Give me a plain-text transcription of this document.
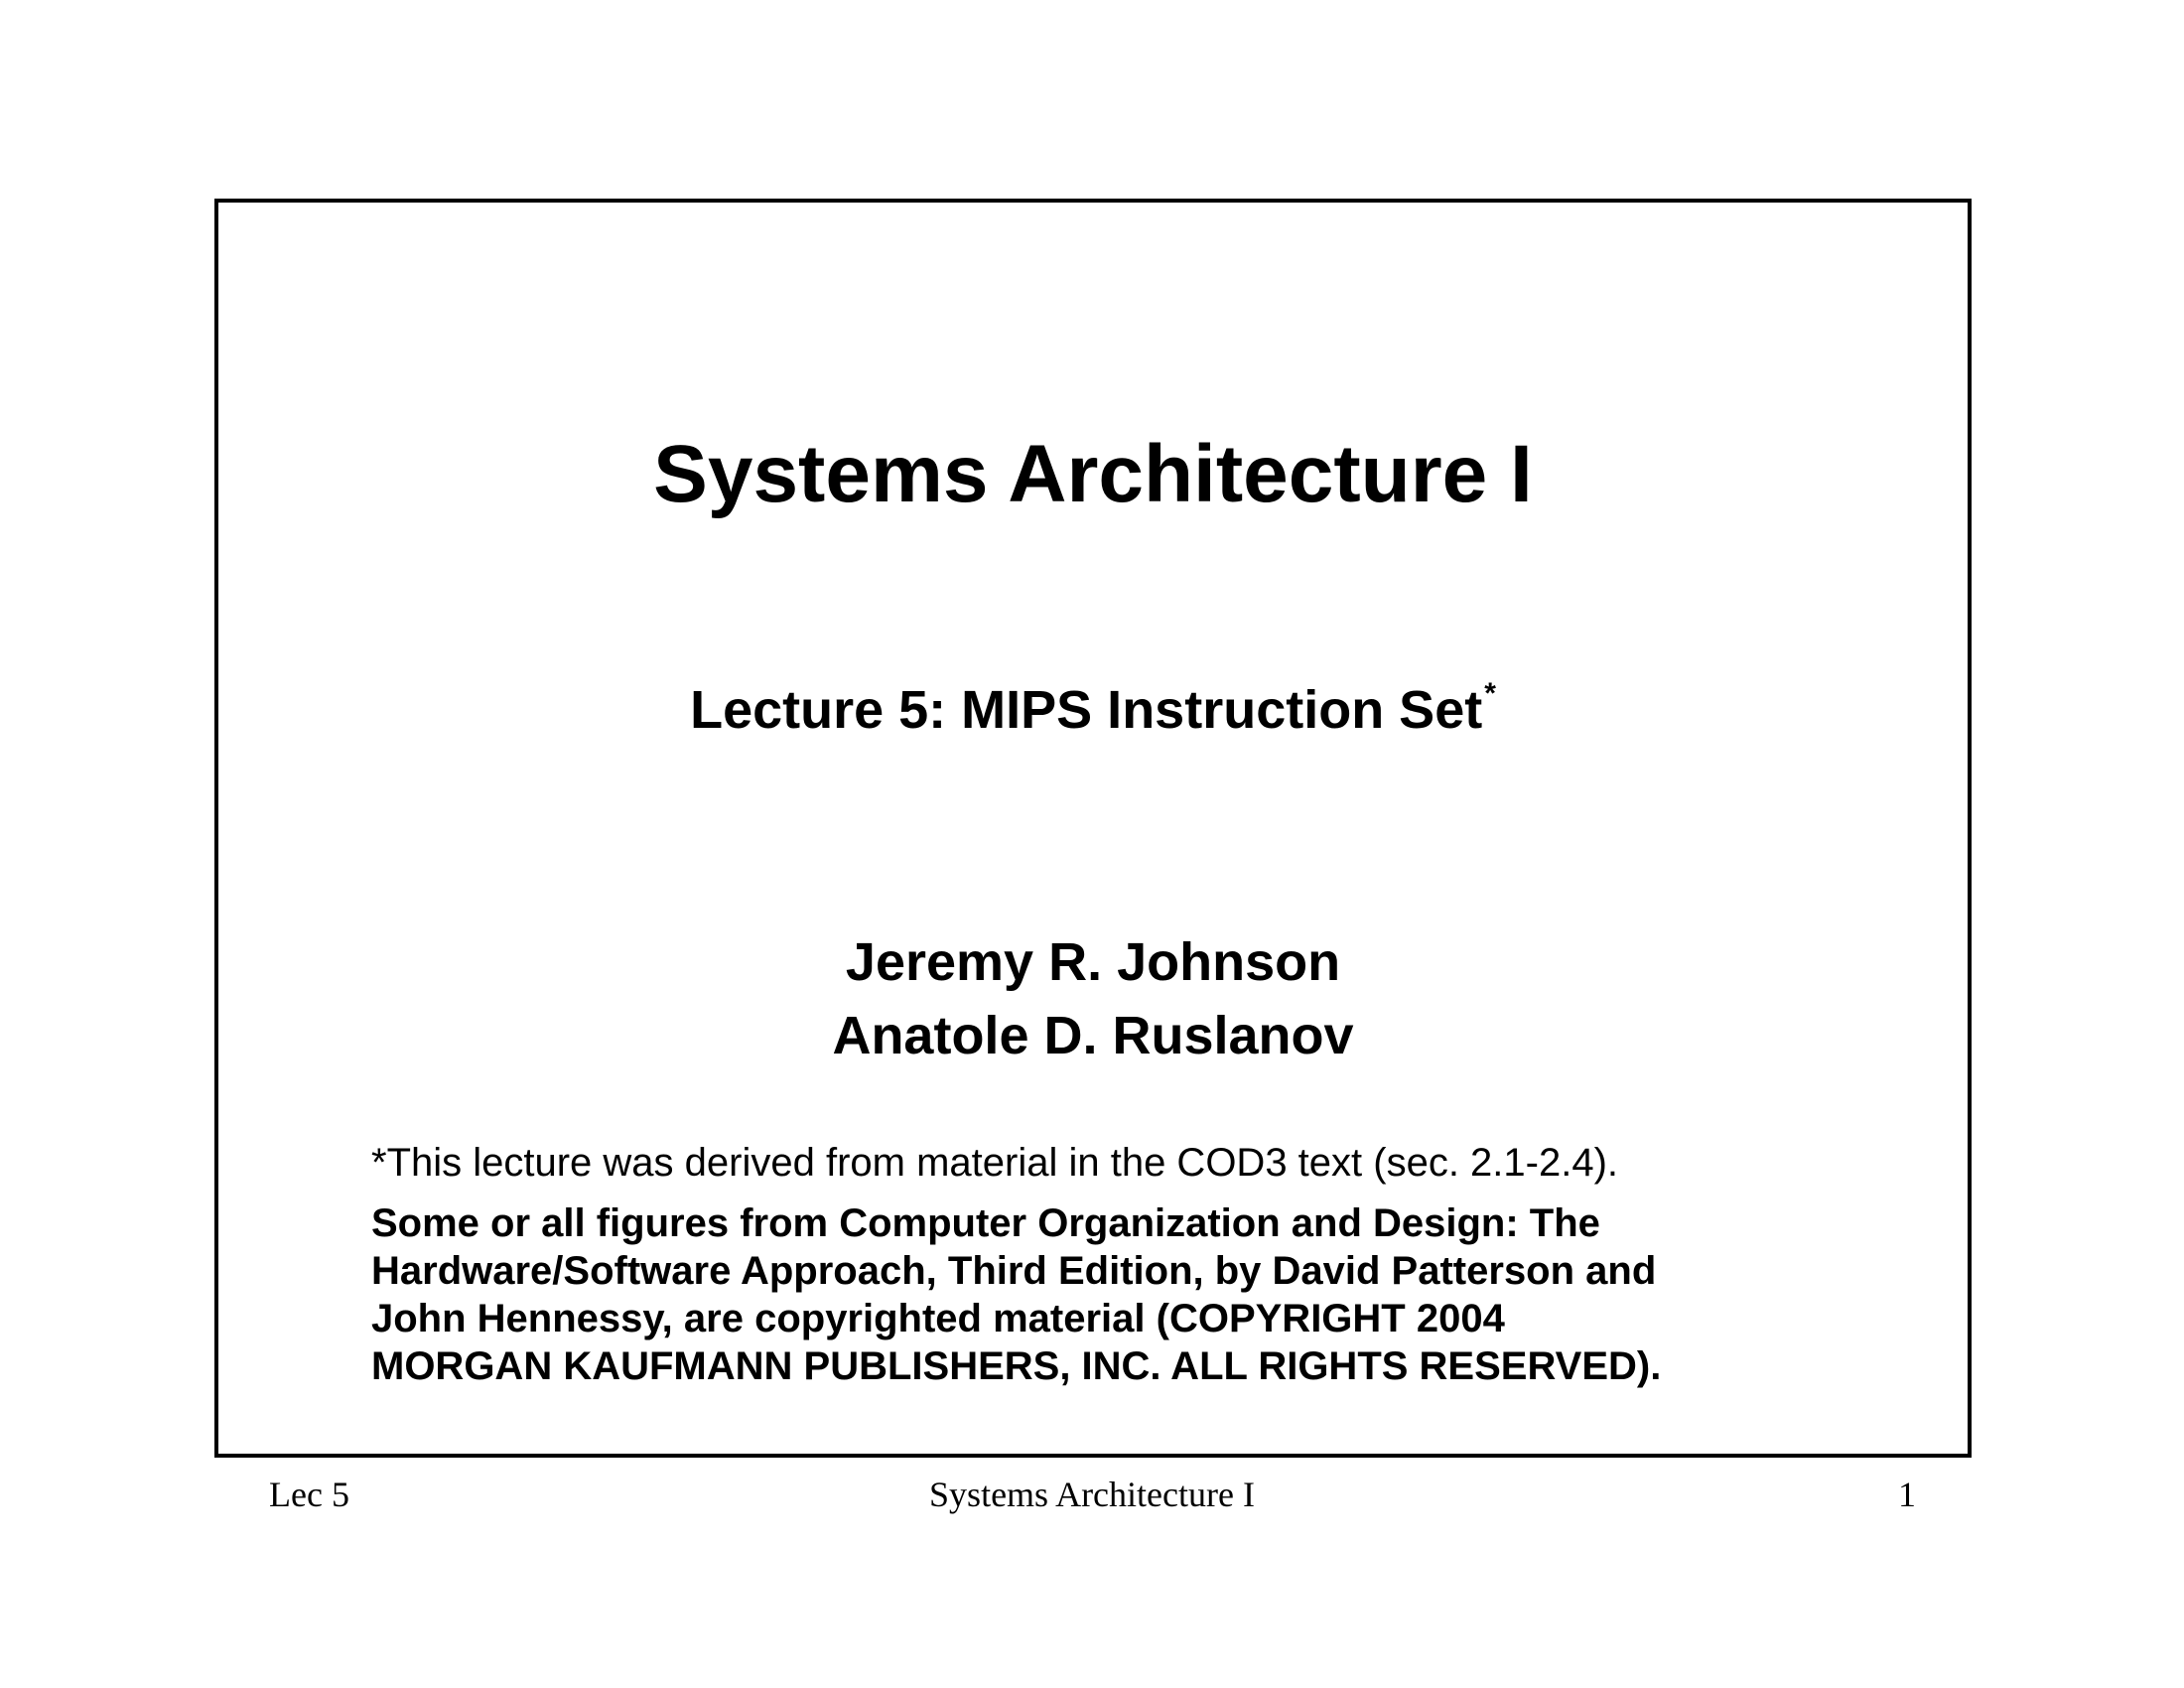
Systems Architecture I
Lecture 5: MIPS Instruction Set*
Jeremy R. Johnson
Anatole D. Ruslanov
*This lecture was derived from material in the COD3 text (sec. 2.1-2.4).
Some or all figures from Computer Organization and Design: The
Hardware/Software Approach, Third Edition, by David Patterson and
John Hennessy, are copyrighted material (COPYRIGHT 2004
MORGAN KAUFMANN PUBLISHERS, INC. ALL RIGHTS RESERVED).
Lec 5	Systems Architecture I	1
